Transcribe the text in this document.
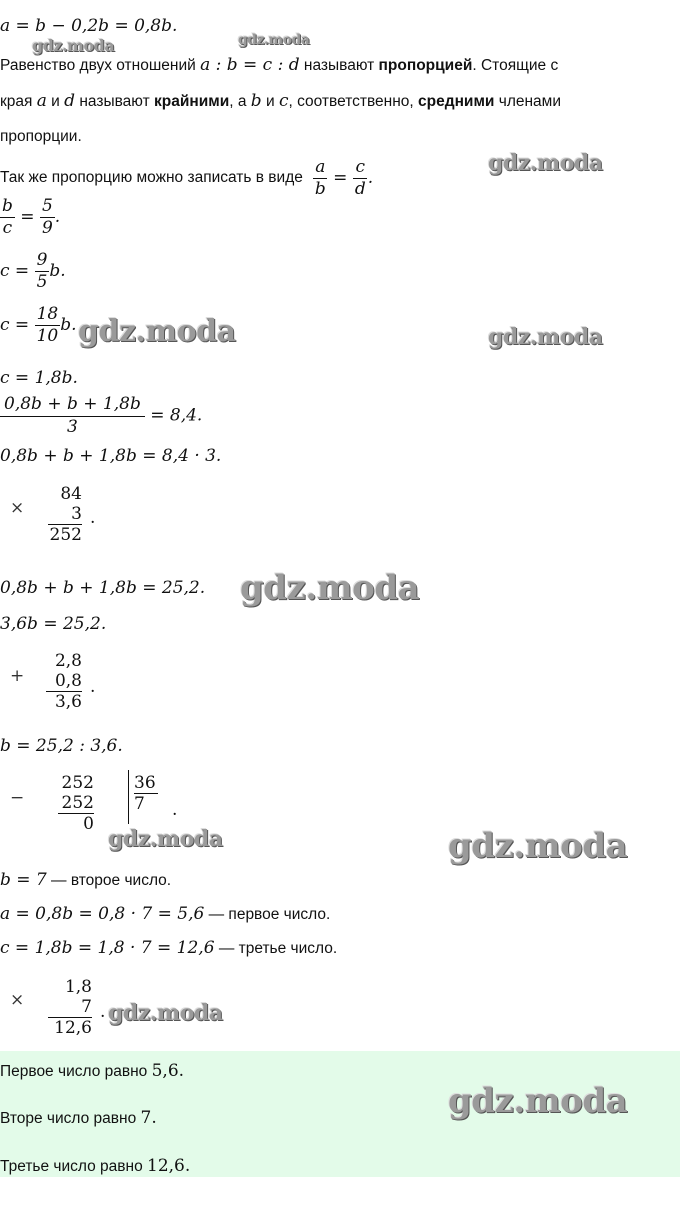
a = b − 0,2b = 0,8b.
gdz.moda	gdz.moda
Равенство двух отношений a : b = c : d называют пропорцией. Стоящие с
края a и d называют крайними, а b и c, соответственно, средними членами
пропорции.
Так же пропорцию можно записать в виде $\frac{a}{b} = \frac{c}{d}$ .
gdz.moda
$\frac{b}{c} = \frac{5}{9}$ .
$c = \frac{9}{5} b$.
$c = \frac{18}{10} b$. gdz.moda	gdz.moda
c = 1,8b.
$\frac{0,8b + b + 1,8b}{3} = 8,4$.
0,8b + b + 1,8b = 8,4 · 3.
×
84
3
252
.
0,8b + b + 1,8b = 25,2. gdz.moda
3,6b = 25,2.
+
2,8
0,8
3,6
.
b = 25,2 : 3,6.
−
252
252
0
36
7	.
gdz.moda	gdz.moda
b = 7 — второе число.
a = 0,8b = 0,8 · 7 = 5,6 — первое число.
c = 1,8b = 1,8 · 7 = 12,6 — третье число.
×
1,8
7
12,6
. gdz.moda
Первое число равно 5,6.
Вторе число равно 7.
Третье число равно 12,6.
gdz.moda
